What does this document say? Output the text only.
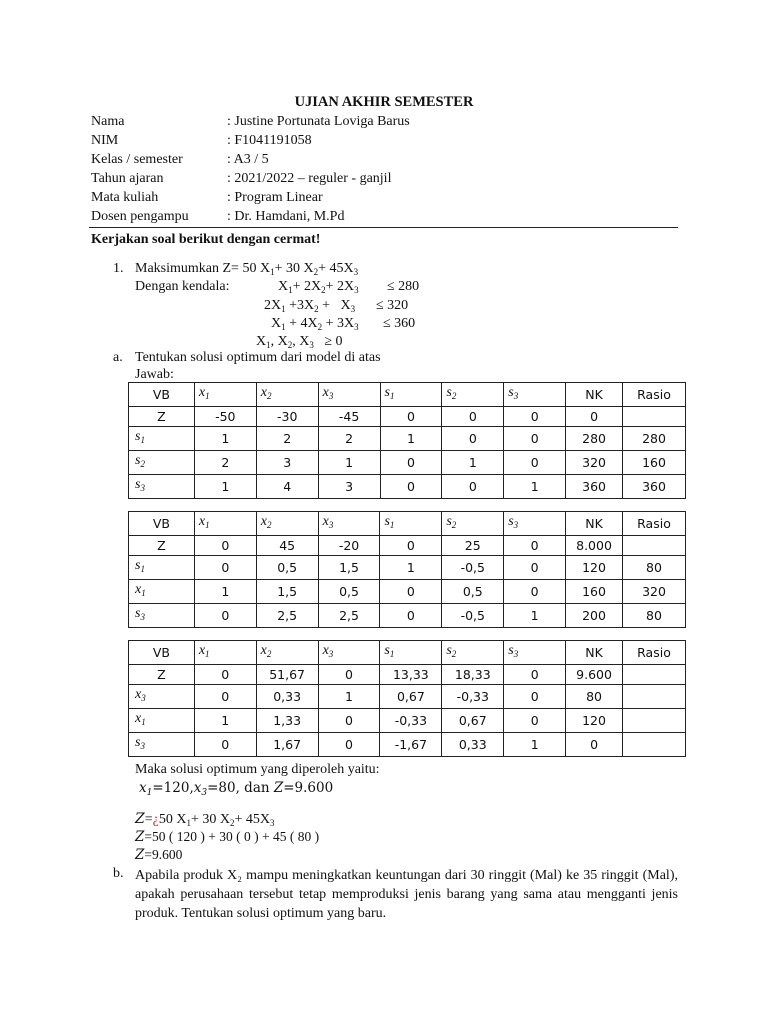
UJIAN AKHIR SEMESTER
Nama	: Justine Portunata Loviga Barus
NIM	: F1041191058
Kelas / semester	: A3 / 5
Tahun ajaran	: 2021/2022 – reguler - ganjil
Mata kuliah	: Program Linear
Dosen pengampu	: Dr. Hamdani, M.Pd
Kerjakan soal berikut dengan cermat!
1. Maksimumkan Z= 50 $X_1+ 30$ $X_2+ 45X_3$
Dengan kendala:	$X_1+ 2X_2+ 2X_3 \le 280$
$2X_1 +3X_2 + X_3 \le 320$
$X_1 + 4X_2 + 3X_3 \le 360$
$X_1$, $X_2$, $X_3 \ge 0$
a. Tentukan solusi optimum dari model di atas
Jawab:
VB	$x_1$	$x_2$	$x_3$	$s_1$	$s_2$	$s_3$	NK	Rasio
Z	-50	-30	-45	0	0	0	0	
$s_1$	1	2	2	1	0	0	280	280
$s_2$	2	3	1	0	1	0	320	160
$s_3$	1	4	3	0	0	1	360	360
VB	$x_1$	$x_2$	$x_3$	$s_1$	$s_2$	$s_3$	NK	Rasio
Z	0	45	-20	0	25	0	8.000	
$s_1$	0	0,5	1,5	1	-0,5	0	120	80
$x_1$	1	1,5	0,5	0	0,5	0	160	320
$s_3$	0	2,5	2,5	0	-0,5	1	200	80
VB	$x_1$	$x_2$	$x_3$	$s_1$	$s_2$	$s_3$	NK	Rasio
Z	0	51,67	0	13,33	18,33	0	9.600	
$x_3$	0	0,33	1	0,67	-0,33	0	80	
$x_1$	1	1,33	0	-0,33	0,67	0	120	
$s_3$	0	1,67	0	-1,67	0,33	1	0	
Maka solusi optimum yang diperoleh yaitu:
$x_1=120,x_3=80$, dan Z=9.600
Z=¿50 $X_1+ 30$ $X_2+ 45X_3$
Z=50 ( 120 ) + 30 ( 0 ) + 45 ( 80 )
Z=9.600
b. Apabila produk X₂ mampu meningkatkan keuntungan dari 30 ringgit (Mal) ke 35 ringgit (Mal), apakah perusahaan tersebut tetap memproduksi jenis barang yang sama atau mengganti jenis produk. Tentukan solusi optimum yang baru.
